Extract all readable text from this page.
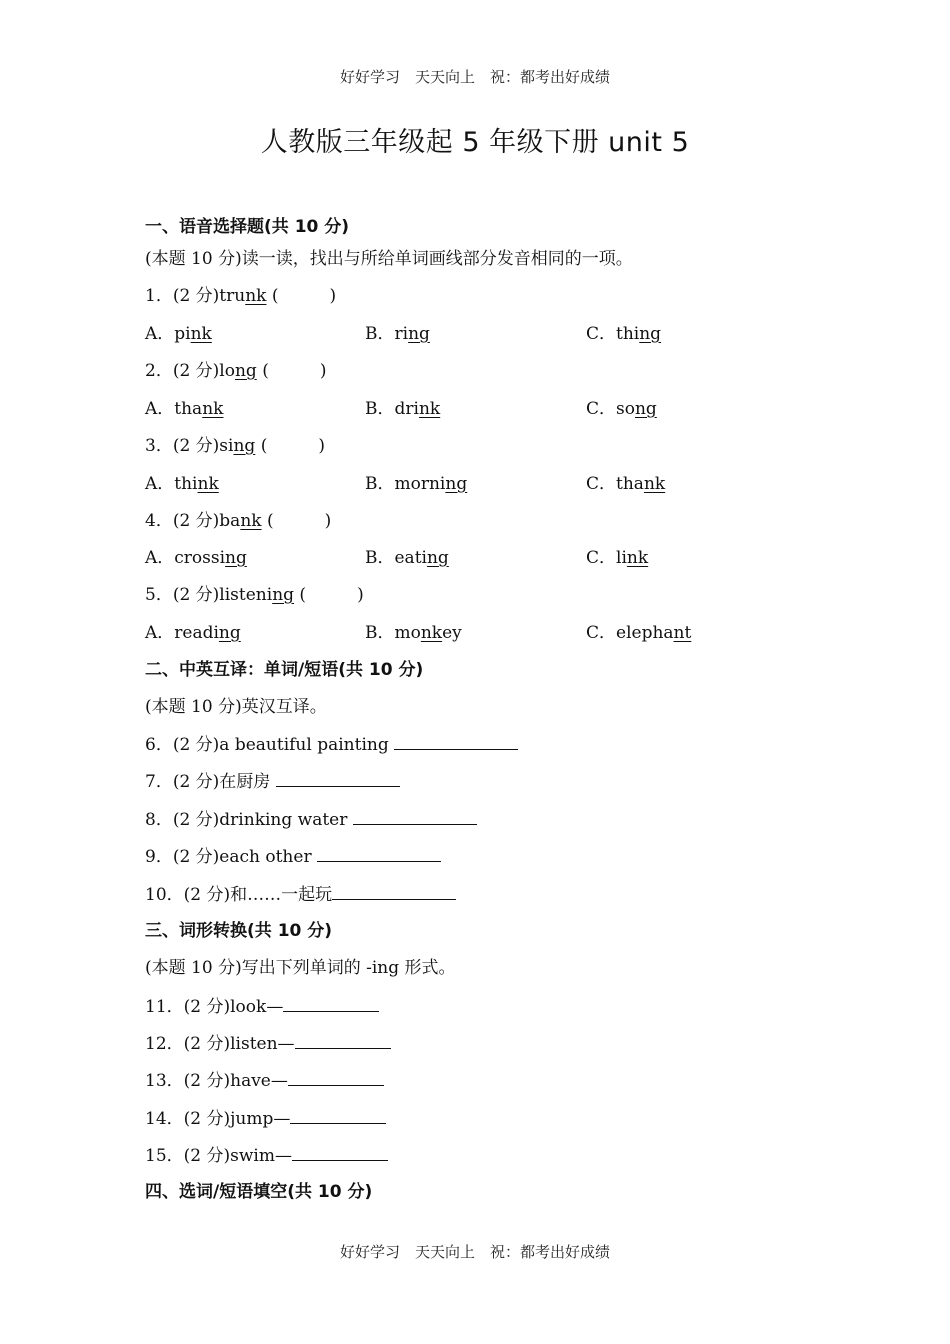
好好学习　天天向上　祝：都考出好成绩
人教版三年级起 5 年级下册 unit 5
一、语音选择题(共 10 分)
(本题 10 分)读一读，找出与所给单词画线部分发音相同的一项。
1．(2 分)trunk (　　　)
A．pink	B．ring	C．thing
2．(2 分)long (　　　)
A．thank	B．drink	C．song
3．(2 分)sing (　　　)
A．think	B．morning	C．thank
4．(2 分)bank (　　　)
A．crossing	B．eating	C．link
5．(2 分)listening (　　　)
A．reading	B．monkey	C．elephant
二、中英互译：单词/短语(共 10 分)
(本题 10 分)英汉互译。
6．(2 分)a beautiful painting
7．(2 分)在厨房
8．(2 分)drinking water
9．(2 分)each other
10．(2 分)和……一起玩
三、词形转换(共 10 分)
(本题 10 分)写出下列单词的 -ing 形式。
11．(2 分)look—
12．(2 分)listen—
13．(2 分)have—
14．(2 分)jump—
15．(2 分)swim—
四、选词/短语填空(共 10 分)
好好学习　天天向上　祝：都考出好成绩
